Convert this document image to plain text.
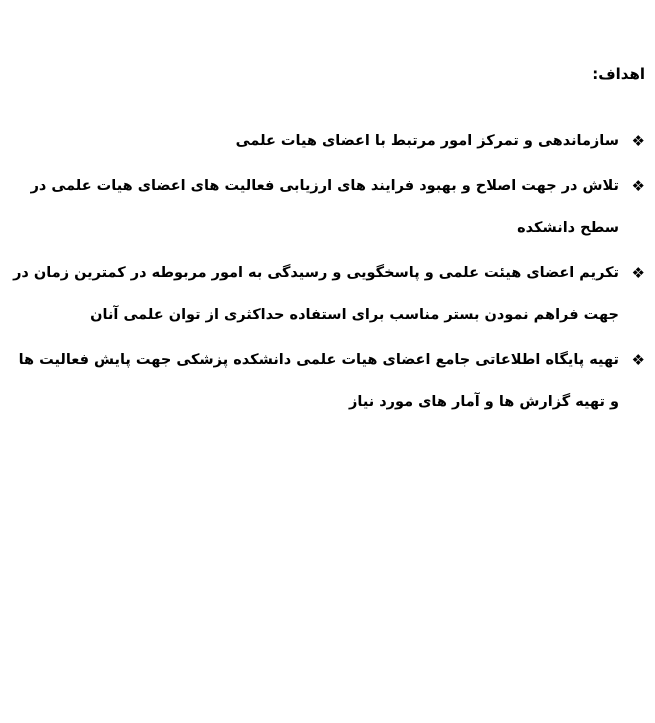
اهداف:

❖
سازماندهی و تمرکز امور مرتبط با اعضای هیات علمی
❖
تلاش در جهت اصلاح و بهبود فرایند های ارزیابی فعالیت های اعضای هیات علمی در سطح دانشکده
❖
تکریم اعضای هیئت علمی و پاسخگویی و رسیدگی به امور مربوطه در کمترین زمان در جهت فراهم نمودن بستر مناسب برای استفاده حداکثری از توان علمی آنان
❖
تهیه پایگاه اطلاعاتی جامع اعضای هیات علمی دانشکده پزشکی جهت پایش فعالیت ها و تهیه گزارش ها و آمار های مورد نیاز
